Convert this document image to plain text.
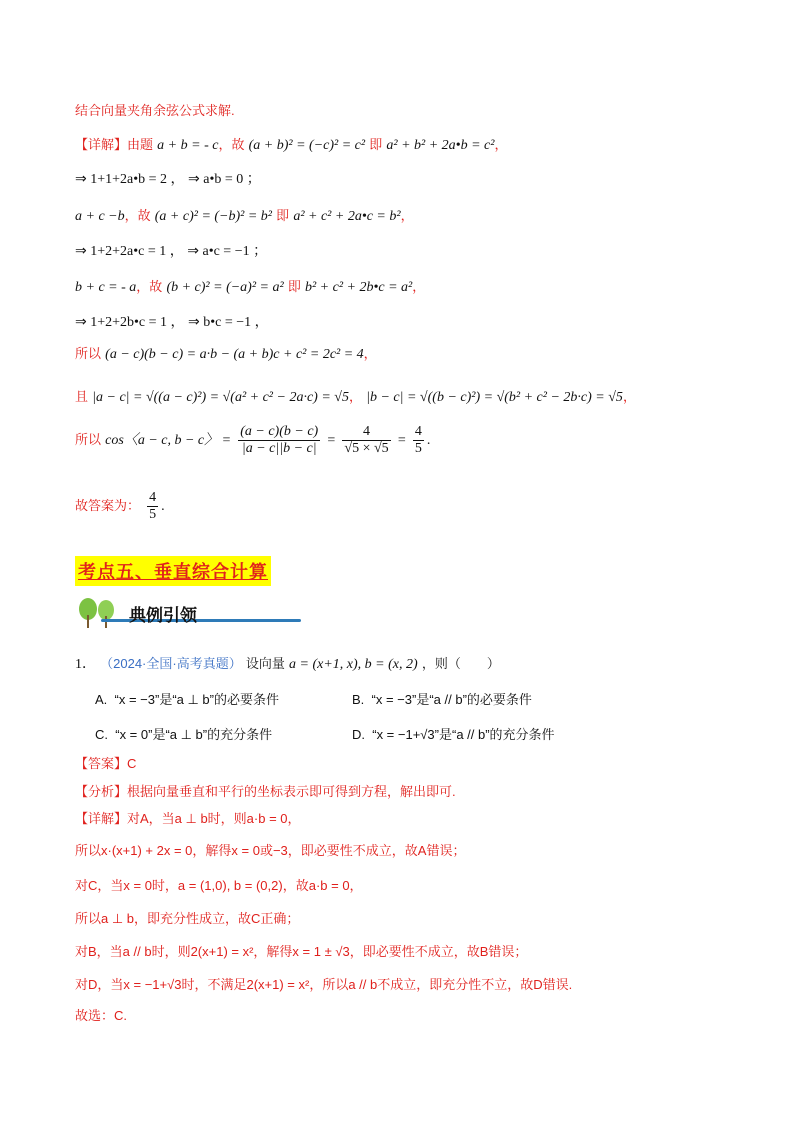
结合向量夹角余弦公式求解.
【详解】由题 a + b = - c，故 (a + b)² = (−c)² = c² 即 a² + b² + 2a•b = c²，
⇒ 1+1+2a•b = 2 ， ⇒ a•b = 0 ；
a + c −b，故 (a + c)² = (−b)² = b² 即 a² + c² + 2a•c = b²，
⇒ 1+2+2a•c = 1 ， ⇒ a•c = −1 ；
b + c = - a，故 (b + c)² = (−a)² = a² 即 b² + c² + 2b•c = a²，
⇒ 1+2+2b•c = 1 ， ⇒ b•c = −1 ，
所以 (a − c)(b − c) = a·b − (a + b)c + c² = 2c² = 4，
且 |a − c| = √((a − c)²) = √(a² + c² − 2a·c) = √5， |b − c| = √((b − c)²) = √(b² + c² − 2b·c) = √5，
所以 cos〈a − c, b − c〉 = $\frac{(a - c)(b - c)}{|a - c||b - c|} = \frac{4}{√5 \times √5} = \frac{4}{5}$ .
故答案为： $\frac{4}{5}$ .
考点五、垂直综合计算
典例引领
1． （2024·全国·高考真题） 设向量 a = (x+1, x), b = (x, 2) ，则（　　）
A. “x = −3”是“a ⊥ b”的必要条件	B. “x = −3”是“a // b”的必要条件
C. “x = 0”是“a ⊥ b”的充分条件	D. “x = −1+√3”是“a // b”的充分条件
【答案】C
【分析】根据向量垂直和平行的坐标表示即可得到方程，解出即可.
【详解】对A，当a ⊥ b时，则a·b = 0，
所以x·(x+1) + 2x = 0，解得x = 0或−3，即必要性不成立，故A错误；
对C，当x = 0时，a = (1,0), b = (0,2)，故a·b = 0，
所以a ⊥ b，即充分性成立，故C正确；
对B，当a // b时，则2(x+1) = x²，解得x = 1 ± √3，即必要性不成立，故B错误；
对D，当x = −1+√3时，不满足2(x+1) = x²，所以a // b不成立，即充分性不立，故D错误.
故选：C.
